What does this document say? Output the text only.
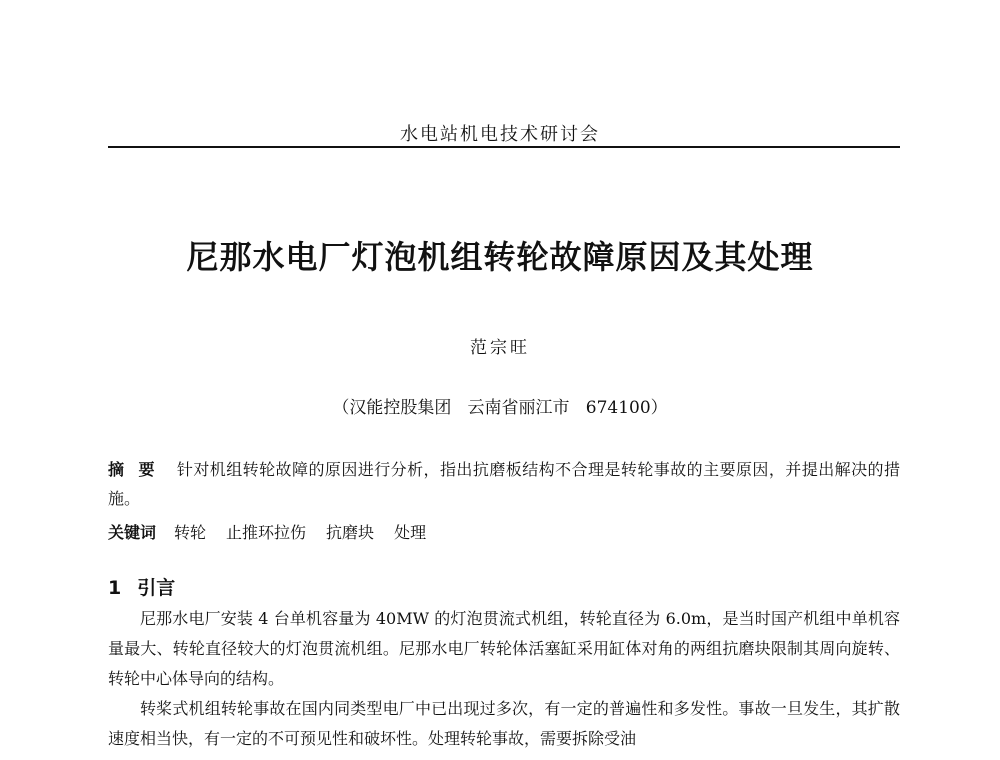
水电站机电技术研讨会
尼那水电厂灯泡机组转轮故障原因及其处理
范宗旺
（汉能控股集团 云南省丽江市 674100）
摘要 针对机组转轮故障的原因进行分析，指出抗磨板结构不合理是转轮事故的主要原因，并提出解决的措施。
关键词 转轮 止推环拉伤 抗磨块 处理
1 引言

尼那水电厂安装 4 台单机容量为 40MW 的灯泡贯流式机组，转轮直径为 6.0m，是当时国产机组中单机容量最大、转轮直径较大的灯泡贯流机组。尼那水电厂转轮体活塞缸采用缸体对角的两组抗磨块限制其周向旋转、转轮中心体导向的结构。

转桨式机组转轮事故在国内同类型电厂中已出现过多次，有一定的普遍性和多发性。事故一旦发生，其扩散速度相当快，有一定的不可预见性和破坏性。处理转轮事故，需要拆除受油
